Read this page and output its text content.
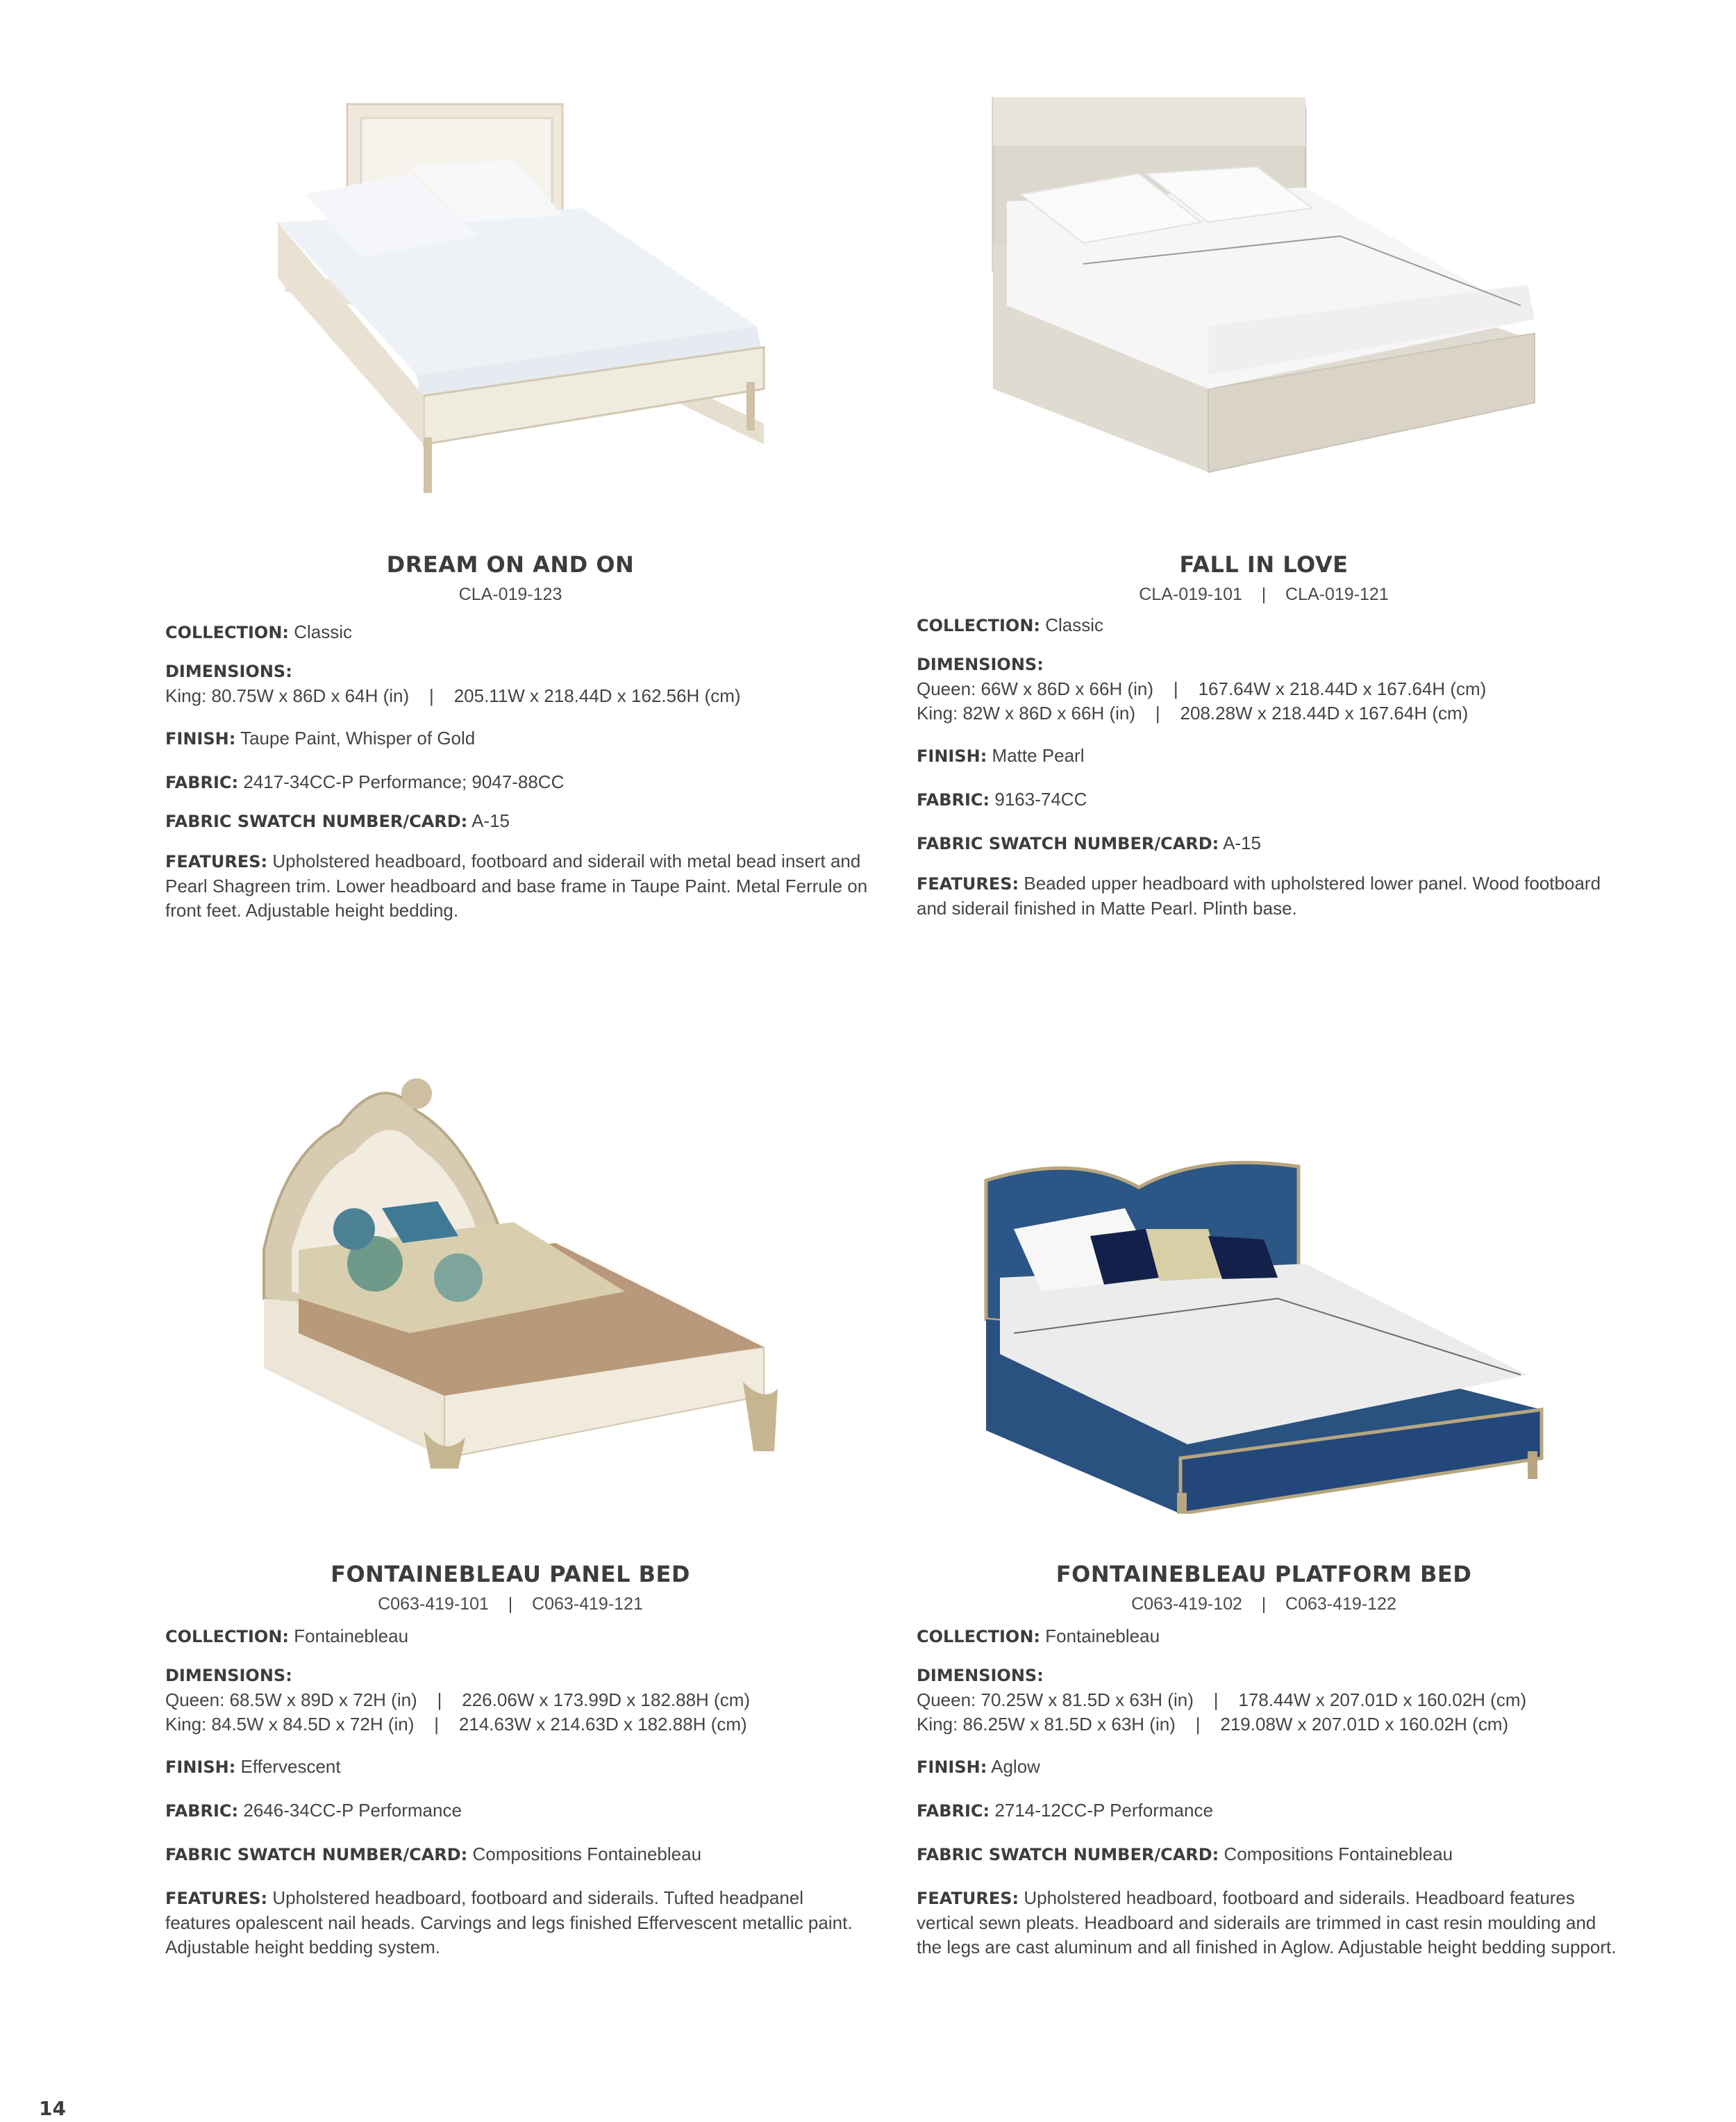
DREAM ON AND ON

CLA-019-123

COLLECTION: Classic

DIMENSIONS:
King: 80.75W x 86D x 64H (in)    |    205.11W x 218.44D x 162.56H (cm)

FINISH: Taupe Paint, Whisper of Gold

FABRIC: 2417-34CC-P Performance; 9047-88CC

FABRIC SWATCH NUMBER/CARD: A-15

FEATURES: Upholstered headboard, footboard and siderail with metal bead insert and Pearl Shagreen trim. Lower headboard and base frame in Taupe Paint. Metal Ferrule on front feet. Adjustable height bedding.

FALL IN LOVE

CLA-019-101    |    CLA-019-121

COLLECTION: Classic

DIMENSIONS:
Queen: 66W x 86D x 66H (in)    |    167.64W x 218.44D x 167.64H (cm)
King: 82W x 86D x 66H (in)    |    208.28W x 218.44D x 167.64H (cm)

FINISH: Matte Pearl

FABRIC: 9163-74CC

FABRIC SWATCH NUMBER/CARD: A-15

FEATURES: Beaded upper headboard with upholstered lower panel. Wood footboard and siderail finished in Matte Pearl. Plinth base.

FONTAINEBLEAU PANEL BED

C063-419-101    |    C063-419-121

COLLECTION: Fontainebleau

DIMENSIONS:
Queen: 68.5W x 89D x 72H (in)    |    226.06W x 173.99D x 182.88H (cm)
King: 84.5W x 84.5D x 72H (in)    |    214.63W x 214.63D x 182.88H (cm)

FINISH: Effervescent

FABRIC: 2646-34CC-P Performance

FABRIC SWATCH NUMBER/CARD: Compositions Fontainebleau

FEATURES: Upholstered headboard, footboard and siderails. Tufted headpanel features opalescent nail heads. Carvings and legs finished Effervescent metallic paint. Adjustable height bedding system.

FONTAINEBLEAU PLATFORM BED

C063-419-102    |    C063-419-122

COLLECTION: Fontainebleau

DIMENSIONS:
Queen: 70.25W x 81.5D x 63H (in)    |    178.44W x 207.01D x 160.02H (cm)
King: 86.25W x 81.5D x 63H (in)    |    219.08W x 207.01D x 160.02H (cm)

FINISH: Aglow

FABRIC: 2714-12CC-P Performance

FABRIC SWATCH NUMBER/CARD: Compositions Fontainebleau

FEATURES: Upholstered headboard, footboard and siderails. Headboard features vertical sewn pleats. Headboard and siderails are trimmed in cast resin moulding and the legs are cast aluminum and all finished in Aglow. Adjustable height bedding support.

14
